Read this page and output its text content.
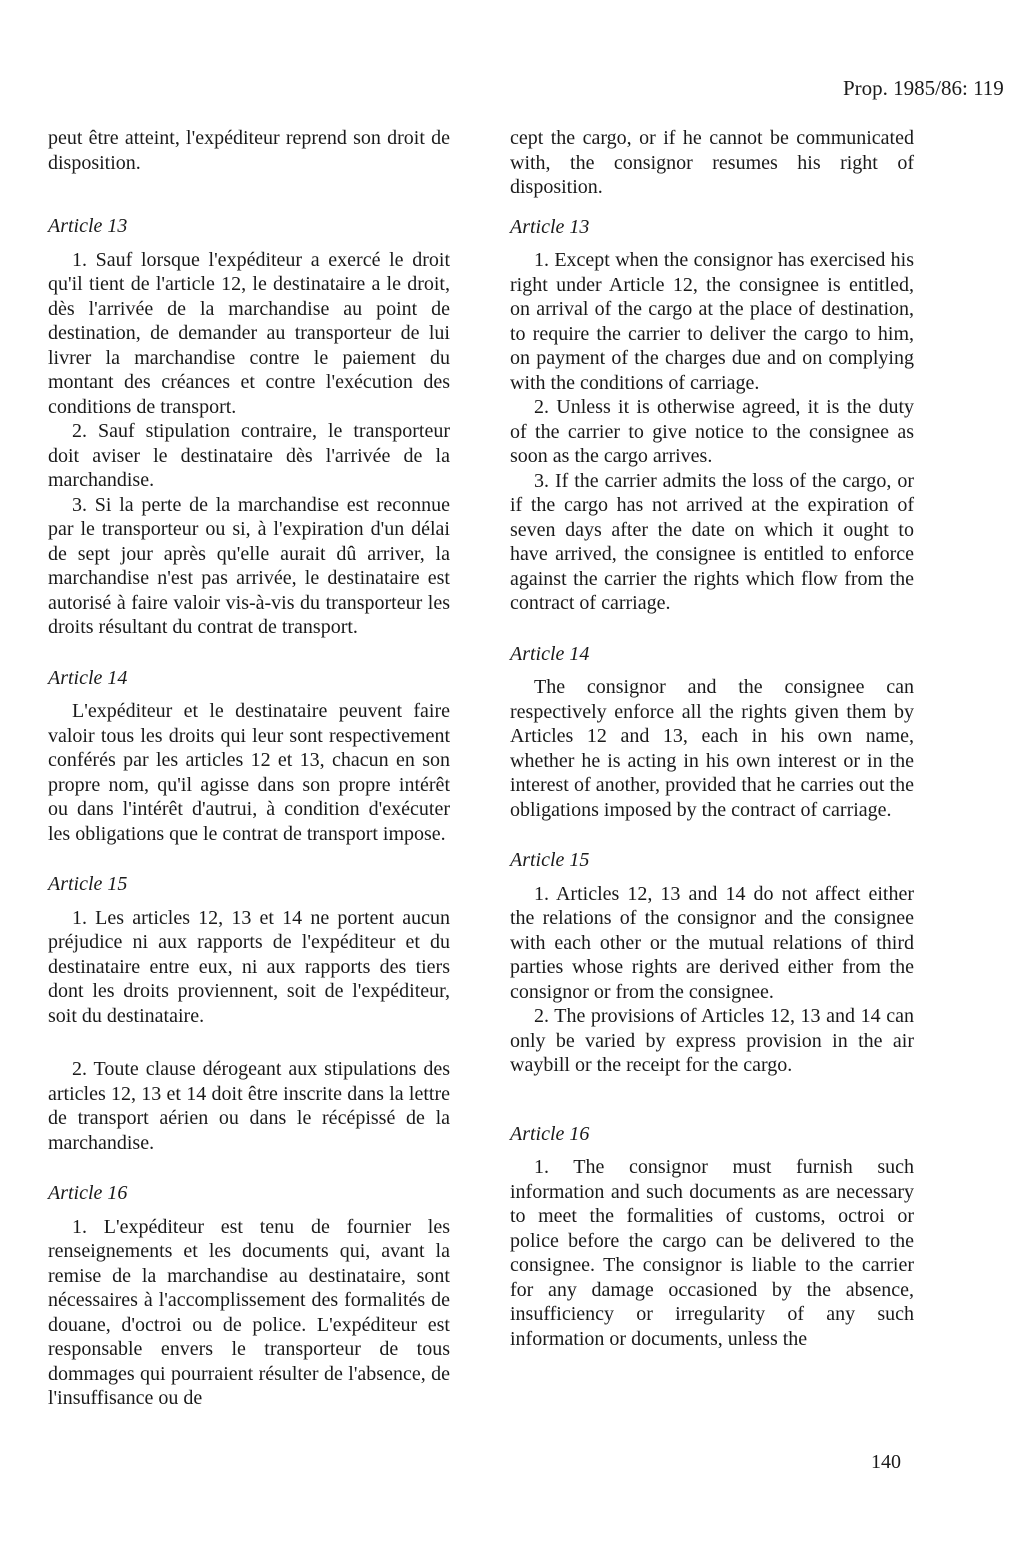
Prop. 1985/86: 119

peut être atteint, l'expéditeur reprend son droit de disposition.

Article 13

1. Sauf lorsque l'expéditeur a exercé le droit qu'il tient de l'article 12, le destinataire a le droit, dès l'arrivée de la marchandise au point de destination, de demander au transporteur de lui livrer la marchandise contre le paiement du montant des créances et contre l'exécution des conditions de transport.

2. Sauf stipulation contraire, le transporteur doit aviser le destinataire dès l'arrivée de la marchandise.

3. Si la perte de la marchandise est reconnue par le transporteur ou si, à l'expiration d'un délai de sept jour après qu'elle aurait dû arriver, la marchandise n'est pas arrivée, le destinataire est autorisé à faire valoir vis-à-vis du transporteur les droits résultant du contrat de transport.

Article 14

L'expéditeur et le destinataire peuvent faire valoir tous les droits qui leur sont respectivement conférés par les articles 12 et 13, chacun en son propre nom, qu'il agisse dans son propre intérêt ou dans l'intérêt d'autrui, à condition d'exécuter les obligations que le contrat de transport impose.

Article 15

1. Les articles 12, 13 et 14 ne portent aucun préjudice ni aux rapports de l'expéditeur et du destinataire entre eux, ni aux rapports des tiers dont les droits proviennent, soit de l'expéditeur, soit du destinataire.

2. Toute clause dérogeant aux stipulations des articles 12, 13 et 14 doit être inscrite dans la lettre de transport aérien ou dans le récépissé de la marchandise.

Article 16

1. L'expéditeur est tenu de fournier les renseignements et les documents qui, avant la remise de la marchandise au destinataire, sont nécessaires à l'accomplissement des formalités de douane, d'octroi ou de police. L'expéditeur est responsable envers le transporteur de tous dommages qui pourraient résulter de l'absence, de l'insuffisance ou de

cept the cargo, or if he cannot be communicated with, the consignor resumes his right of disposition.

Article 13

1. Except when the consignor has exercised his right under Article 12, the consignee is entitled, on arrival of the cargo at the place of destination, to require the carrier to deliver the cargo to him, on payment of the charges due and on complying with the conditions of carriage.

2. Unless it is otherwise agreed, it is the duty of the carrier to give notice to the consignee as soon as the cargo arrives.

3. If the carrier admits the loss of the cargo, or if the cargo has not arrived at the expiration of seven days after the date on which it ought to have arrived, the consignee is entitled to enforce against the carrier the rights which flow from the contract of carriage.

Article 14

The consignor and the consignee can respectively enforce all the rights given them by Articles 12 and 13, each in his own name, whether he is acting in his own interest or in the interest of another, provided that he carries out the obligations imposed by the contract of carriage.

Article 15

1. Articles 12, 13 and 14 do not affect either the relations of the consignor and the consignee with each other or the mutual relations of third parties whose rights are derived either from the consignor or from the consignee.

2. The provisions of Articles 12, 13 and 14 can only be varied by express provision in the air waybill or the receipt for the cargo.

Article 16

1. The consignor must furnish such information and such documents as are necessary to meet the formalities of customs, octroi or police before the cargo can be delivered to the consignee. The consignor is liable to the carrier for any damage occasioned by the absence, insufficiency or irregularity of any such information or documents, unless the

140
